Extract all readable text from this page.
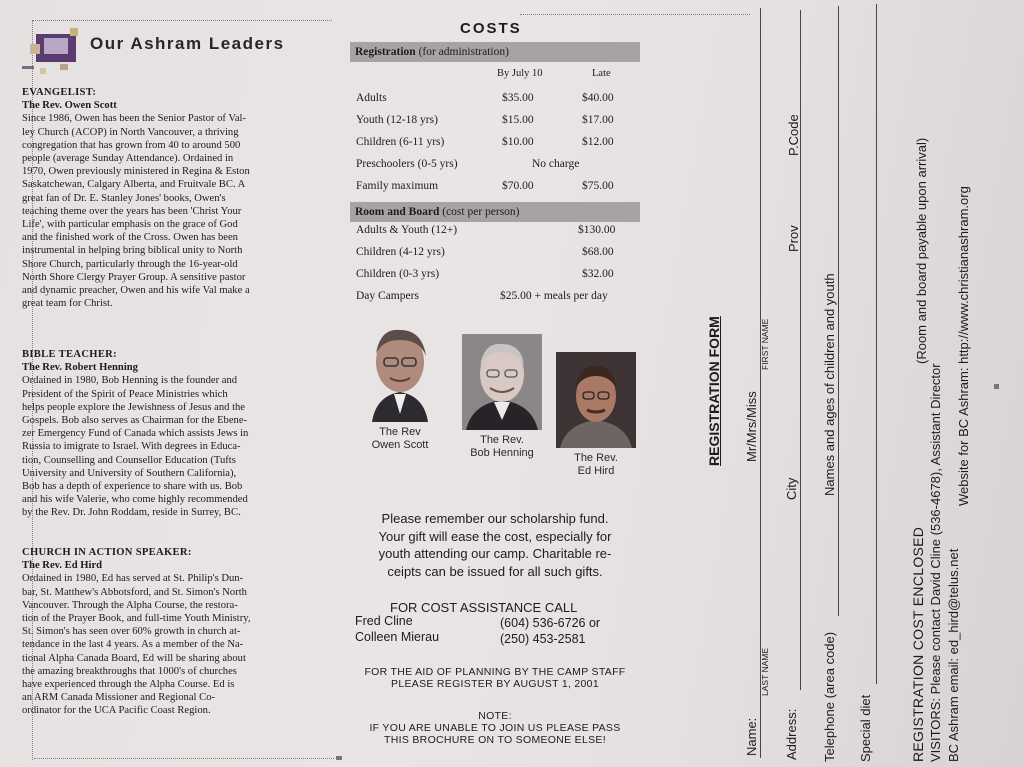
Our Ashram Leaders
EVANGELIST:
The Rev. Owen Scott
Since 1986, Owen has been the Senior Pastor of Val-
ley Church (ACOP) in North Vancouver, a thriving
congregation that has grown from 40 to around 500
people (average Sunday Attendance). Ordained in
1970, Owen previously ministered in Regina & Eston
Saskatchewan, Calgary Alberta, and Fruitvale BC. A
great fan of Dr. E. Stanley Jones' books, Owen's
teaching theme over the years has been 'Christ Your
Life', with particular emphasis on the grace of God
and the finished work of the Cross. Owen has been
instrumental in helping bring biblical unity to North
Shore Church, particularly through the 16-year-old
North Shore Clergy Prayer Group. A sensitive pastor
and dynamic preacher, Owen and his wife Val make a
great team for Christ.
BIBLE TEACHER:
The Rev. Robert Henning
Ordained in 1980, Bob Henning is the founder and
President of the Spirit of Peace Ministries which
helps people explore the Jewishness of Jesus and the
Gospels. Bob also serves as Chairman for the Ebene-
zer Emergency Fund of Canada which assists Jews in
Russia to imigrate to Israel. With degrees in Educa-
tion, Counselling and Counsellor Education (Tufts
University and University of Southern California),
Bob has a depth of experience to share with us. Bob
and his wife Valerie, who come highly recommended
by the Rev. Dr. John Roddam, reside in Surrey, BC.
CHURCH IN ACTION SPEAKER:
The Rev. Ed Hird
Ordained in 1980, Ed has served at St. Philip's Dun-
bar, St. Matthew's Abbotsford, and St. Simon's North
Vancouver. Through the Alpha Course, the restora-
tion of the Prayer Book, and full-time Youth Ministry,
St. Simon's has seen over 60% growth in church at-
tendance in the last 4 years. As a member of the Na-
tional Alpha Canada Board, Ed will be sharing about
the amazing breakthroughs that 1000's of churches
have experienced through the Alpha Course. Ed is
an ARM Canada Missioner and Regional Co-
ordinator for the UCA Pacific Coast Region.
COSTS
Registration (for administration)
By July 10	Late
Adults	$35.00	$40.00
Youth (12-18 yrs)	$15.00	$17.00
Children (6-11 yrs)	$10.00	$12.00
Preschoolers (0-5 yrs)	No charge
Family maximum	$70.00	$75.00
Room and Board (cost per person)
Adults & Youth (12+)	$130.00
Children (4-12 yrs)	$68.00
Children (0-3 yrs)	$32.00
Day Campers	$25.00 + meals per day
The Rev
Owen Scott	The Rev.
Bob Henning	The Rev.
Ed Hird
Please remember our scholarship fund.
Your gift will ease the cost, especially for
youth attending our camp. Charitable re-
ceipts can be issued for all such gifts.
FOR COST ASSISTANCE CALL
Fred Cline	(604) 536-6726 or
Colleen Mierau	(250) 453-2581
FOR THE AID OF PLANNING BY THE CAMP STAFF
PLEASE REGISTER BY AUGUST 1, 2001
NOTE:
IF YOU ARE UNABLE TO JOIN US PLEASE PASS
THIS BROCHURE ON TO SOMEONE ELSE!
REGISTRATION FORM Mr/Mrs/Miss
FIRST NAME
Name:
LAST NAME
Address:
City
Prov
P.Code
Telephone (area code)
Names and ages of children and youth
Special diet
(Room and board payable upon arrival)
REGISTRATION COST ENCLOSED VISITORS: Please contact David Cline (536-4678), Assistant Director BC Ashram email: ed_hird@telus.net
Website for BC Ashram: http://www.christianashram.org
